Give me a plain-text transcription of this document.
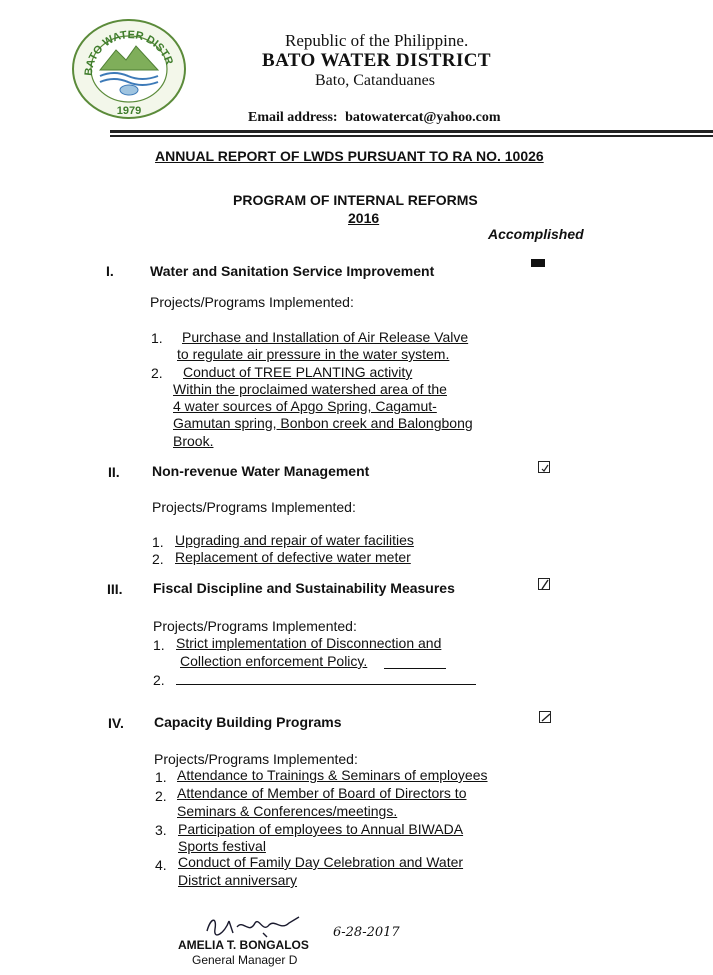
BATO WATER DISTR
1979
Republic of the Philippine.
BATO WATER DISTRICT
Bato, Catanduanes
Email address: batowatercat@yahoo.com
ANNUAL REPORT OF LWDS PURSUANT TO RA NO. 10026
PROGRAM OF INTERNAL REFORMS
2016
Accomplished
I.	Water and Sanitation Service Improvement
Projects/Programs Implemented:
1. Purchase and Installation of Air Release Valve
to regulate air pressure in the water system.
2. Conduct of TREE PLANTING activity
Within the proclaimed watershed area of the
4 water sources of Apgo Spring, Cagamut-
Gamutan spring, Bonbon creek and Balongbong
Brook.
II. Non-revenue Water Management
Projects/Programs Implemented:
1. Upgrading and repair of water facilities
2. Replacement of defective water meter
III. Fiscal Discipline and Sustainability Measures
Projects/Programs Implemented:
1. Strict implementation of Disconnection and
Collection enforcement Policy.
2.
IV. Capacity Building Programs
Projects/Programs Implemented:
1. Attendance to Trainings & Seminars of employees
2. Attendance of Member of Board of Directors to
Seminars & Conferences/meetings.
3. Participation of employees to Annual BIWADA
Sports festival
4. Conduct of Family Day Celebration and Water
District anniversary
6-28-2017
AMELIA T. BONGALOS
General Manager D
